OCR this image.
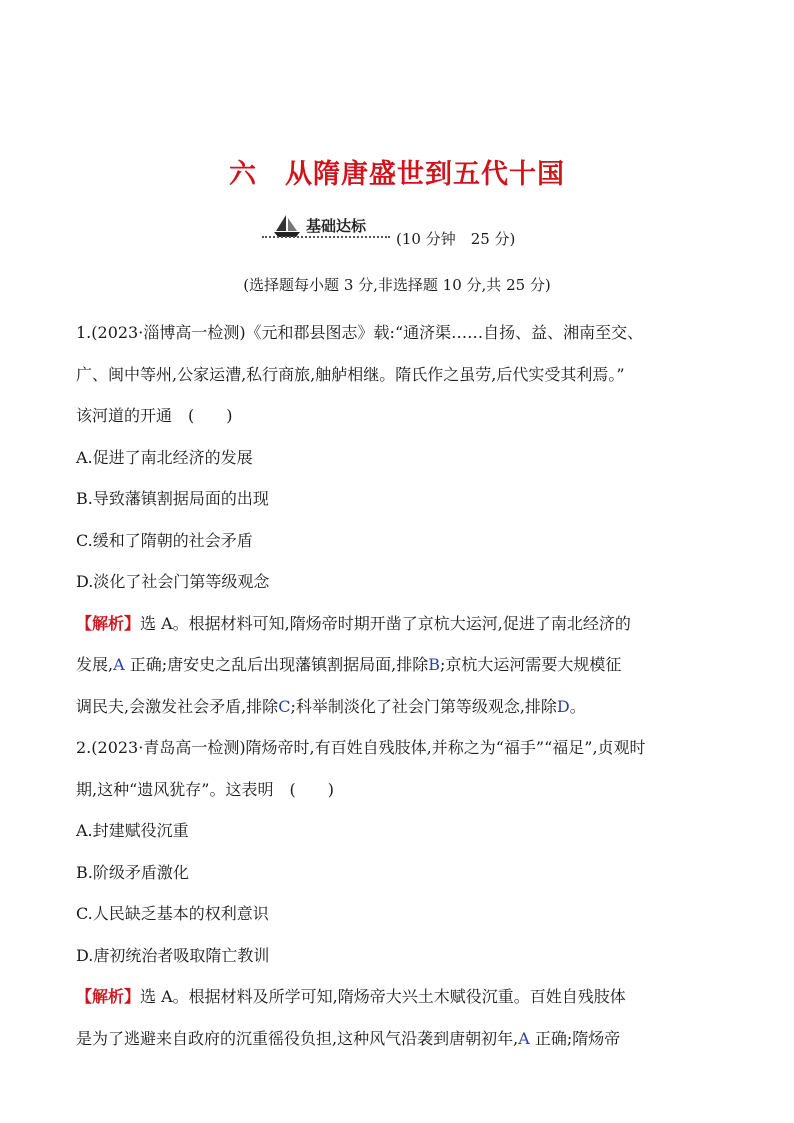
六　从隋唐盛世到五代十国
基础达标
(10 分钟　25 分)
(选择题每小题 3 分,非选择题 10 分,共 25 分)
1.(2023·淄博高一检测)《元和郡县图志》载:“通济渠……自扬、益、湘南至交、
广、闽中等州,公家运漕,私行商旅,舳舻相继。隋氏作之虽劳,后代实受其利焉。”
该河道的开通　(　　)
A.促进了南北经济的发展
B.导致藩镇割据局面的出现
C.缓和了隋朝的社会矛盾
D.淡化了社会门第等级观念
【解析】选 A。根据材料可知,隋炀帝时期开凿了京杭大运河,促进了南北经济的
发展,A 正确;唐安史之乱后出现藩镇割据局面,排除B;京杭大运河需要大规模征
调民夫,会激发社会矛盾,排除C;科举制淡化了社会门第等级观念,排除D。
2.(2023·青岛高一检测)隋炀帝时,有百姓自残肢体,并称之为“福手”“福足”,贞观时
期,这种“遗风犹存”。这表明　(　　)
A.封建赋役沉重
B.阶级矛盾激化
C.人民缺乏基本的权利意识
D.唐初统治者吸取隋亡教训
【解析】选 A。根据材料及所学可知,隋炀帝大兴土木赋役沉重。百姓自残肢体
是为了逃避来自政府的沉重徭役负担,这种风气沿袭到唐朝初年,A 正确;隋炀帝
